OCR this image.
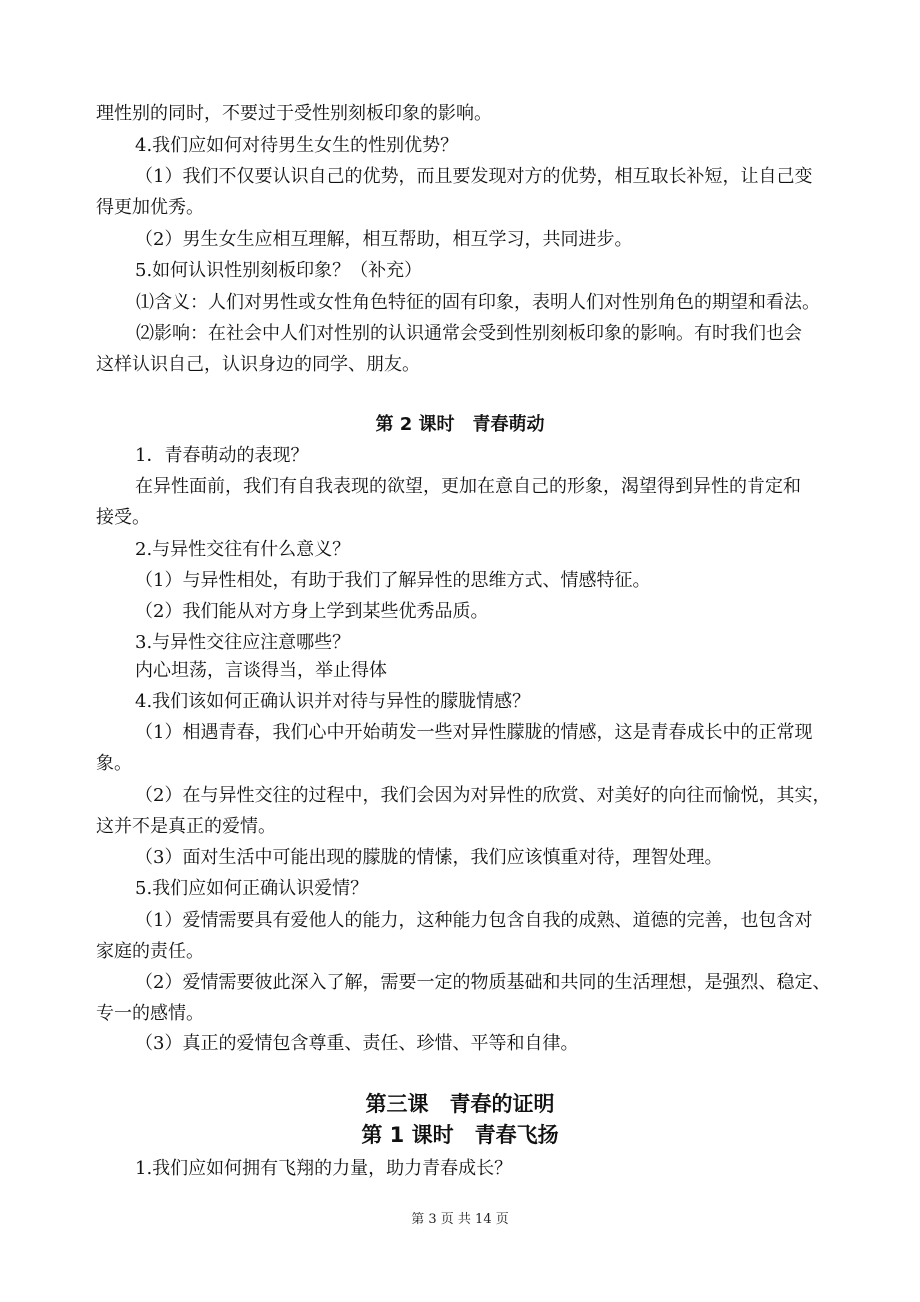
理性别的同时，不要过于受性别刻板印象的影响。
4.我们应如何对待男生女生的性别优势？
（1）我们不仅要认识自己的优势，而且要发现对方的优势，相互取长补短，让自己变
得更加优秀。
（2）男生女生应相互理解，相互帮助，相互学习，共同进步。
5.如何认识性别刻板印象？（补充）
⑴含义：人们对男性或女性角色特征的固有印象，表明人们对性别角色的期望和看法。
⑵影响：在社会中人们对性别的认识通常会受到性别刻板印象的影响。有时我们也会
这样认识自己，认识身边的同学、朋友。
第 2 课时　青春萌动
1．青春萌动的表现？
在异性面前，我们有自我表现的欲望，更加在意自己的形象，渴望得到异性的肯定和
接受。
2.与异性交往有什么意义？
（1）与异性相处，有助于我们了解异性的思维方式、情感特征。
（2）我们能从对方身上学到某些优秀品质。
3.与异性交往应注意哪些？
内心坦荡，言谈得当，举止得体
4.我们该如何正确认识并对待与异性的朦胧情感？
（1）相遇青春，我们心中开始萌发一些对异性朦胧的情感，这是青春成长中的正常现
象。
（2）在与异性交往的过程中，我们会因为对异性的欣赏、对美好的向往而愉悦，其实，
这并不是真正的爱情。
（3）面对生活中可能出现的朦胧的情愫，我们应该慎重对待，理智处理。
5.我们应如何正确认识爱情？
（1）爱情需要具有爱他人的能力，这种能力包含自我的成熟、道德的完善，也包含对
家庭的责任。
（2）爱情需要彼此深入了解，需要一定的物质基础和共同的生活理想，是强烈、稳定、
专一的感情。
（3）真正的爱情包含尊重、责任、珍惜、平等和自律。
第三课　青春的证明
第 1 课时　青春飞扬
1.我们应如何拥有飞翔的力量，助力青春成长？
第 3 页 共 14 页
